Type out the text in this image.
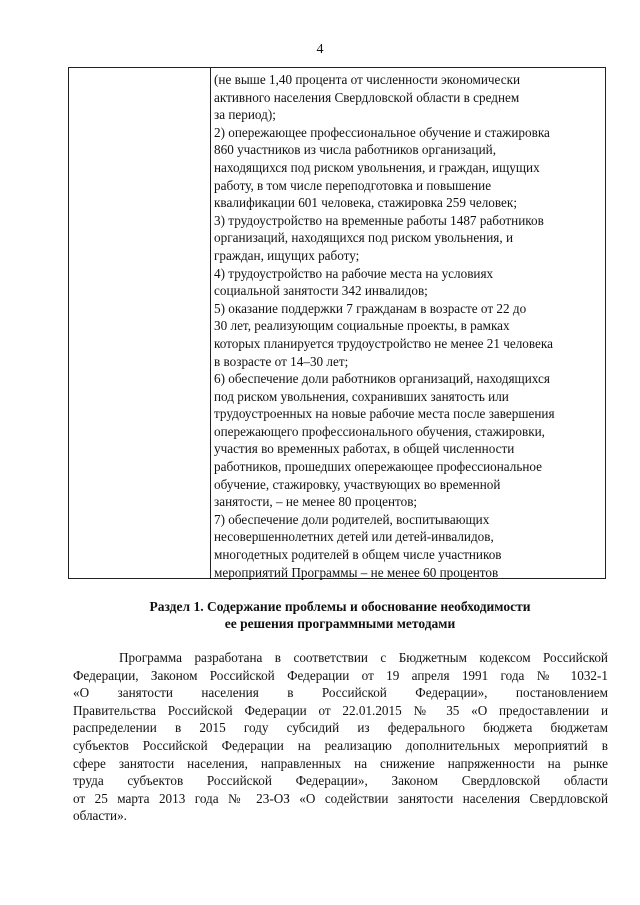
4
(не выше 1,40 процента от численности экономически
активного населения Свердловской области в среднем
за период);
2) опережающее профессиональное обучение и стажировка
860 участников из числа работников организаций,
находящихся под риском увольнения, и граждан, ищущих
работу, в том числе переподготовка и повышение
квалификации 601 человека, стажировка 259 человек;
3) трудоустройство на временные работы 1487 работников
организаций, находящихся под риском увольнения, и
граждан, ищущих работу;
4) трудоустройство на рабочие места на условиях
социальной занятости 342 инвалидов;
5) оказание поддержки 7 гражданам в возрасте от 22 до
30 лет, реализующим социальные проекты, в рамках
которых планируется трудоустройство не менее 21 человека
в возрасте от 14–30 лет;
6) обеспечение доли работников организаций, находящихся
под риском увольнения, сохранивших занятость или
трудоустроенных на новые рабочие места после завершения
опережающего профессионального обучения, стажировки,
участия во временных работах, в общей численности
работников, прошедших опережающее профессиональное
обучение, стажировку, участвующих во временной
занятости, – не менее 80 процентов;
7) обеспечение доли родителей, воспитывающих
несовершеннолетних детей или детей-инвалидов,
многодетных родителей в общем числе участников
мероприятий Программы – не менее 60 процентов
Раздел 1. Содержание проблемы и обоснование необходимости
ее решения программными методами
Программа разработана в соответствии с Бюджетным кодексом Российской
Федерации, Законом Российской Федерации от 19 апреля 1991 года № 1032-1
«О занятости населения в Российской Федерации», постановлением
Правительства Российской Федерации от 22.01.2015 № 35 «О предоставлении и
распределении в 2015 году субсидий из федерального бюджета бюджетам
субъектов Российской Федерации на реализацию дополнительных мероприятий в
сфере занятости населения, направленных на снижение напряженности на рынке
труда субъектов Российской Федерации», Законом Свердловской области
от 25 марта 2013 года № 23-ОЗ «О содействии занятости населения Свердловской
области».
